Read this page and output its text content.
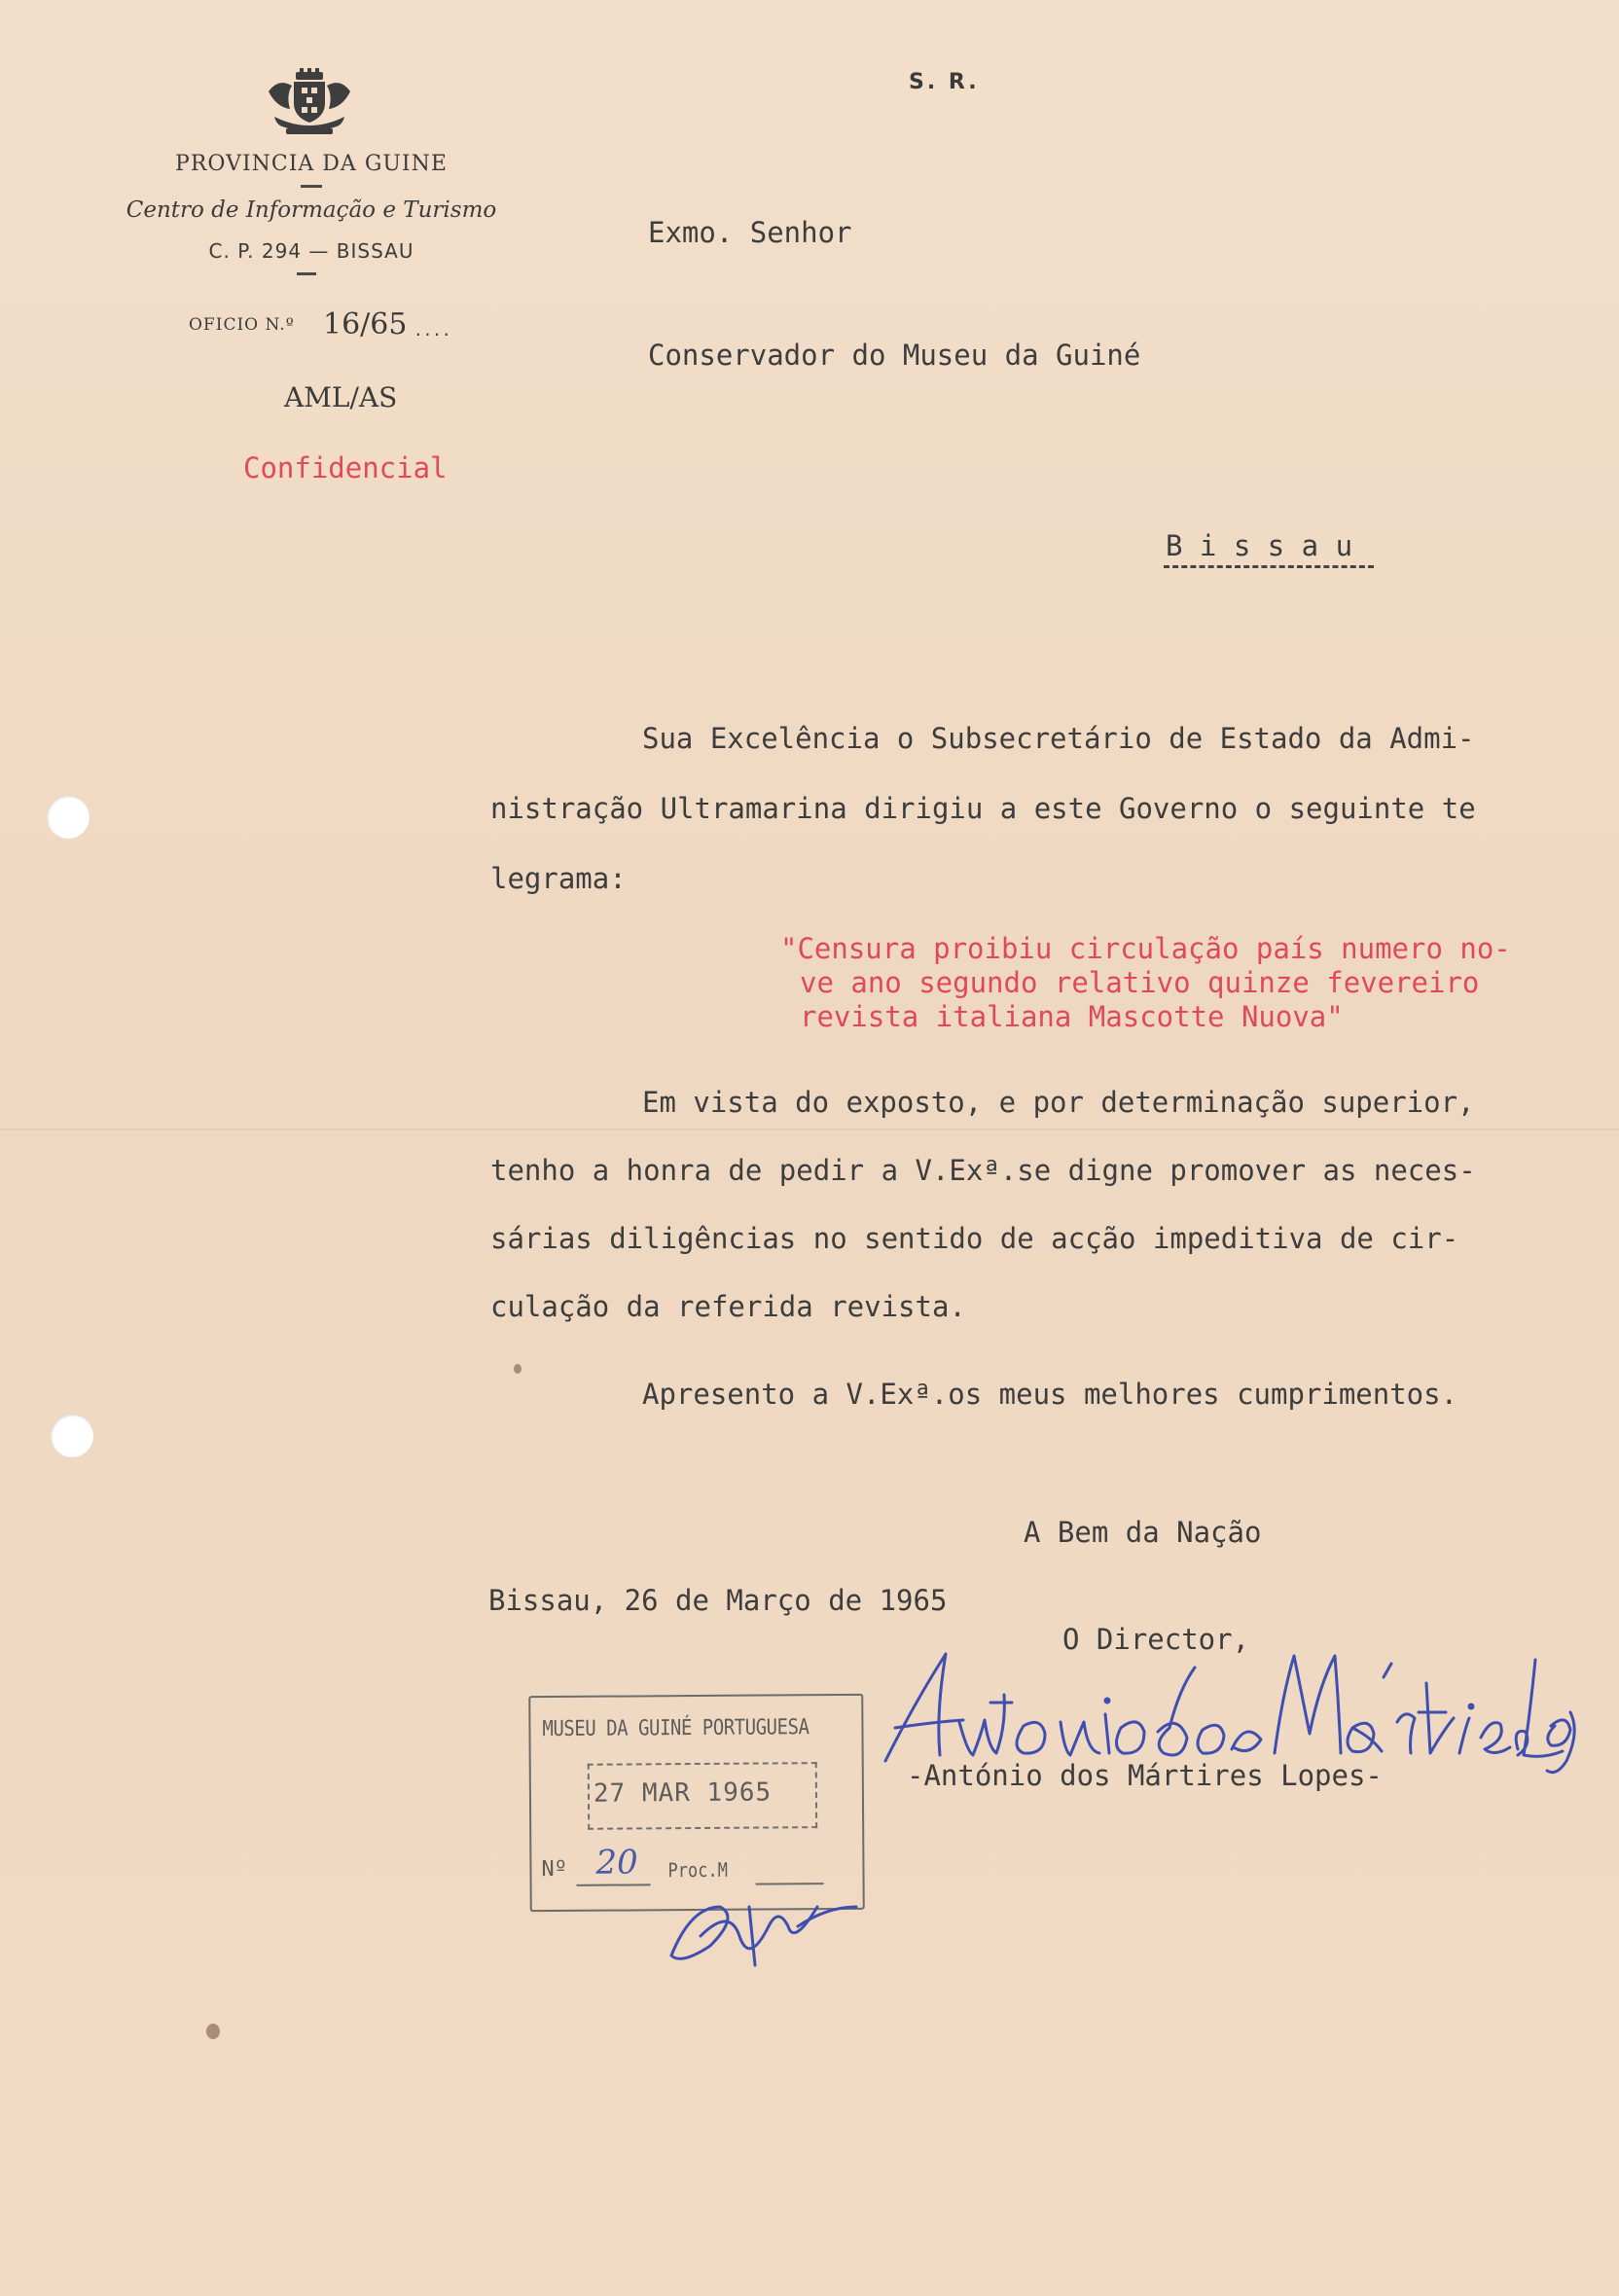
PROVINCIA DA GUINE
Centro de Informação e Turismo
C. P. 294 — BISSAU
OFICIO N.º 16/65 ....
AML/AS
Confidencial
S. R.
Exmo. Senhor
Conservador do Museu da Guiné
B i s s a u
Sua Excelência o Subsecretário de Estado da Admi-
nistração Ultramarina dirigiu a este Governo o seguinte te
legrama:
"Censura proibiu circulação país numero no-
ve ano segundo relativo quinze fevereiro
revista italiana Mascotte Nuova"
Em vista do exposto, e por determinação superior,
tenho a honra de pedir a V.Exª.se digne promover as neces-
sárias diligências no sentido de acção impeditiva de cir-
culação da referida revista.
Apresento a V.Exª.os meus melhores cumprimentos.
A Bem da Nação
Bissau, 26 de Março de 1965
O Director,
-António dos Mártires Lopes-
MUSEU DA GUINÉ PORTUGUESA
27 MAR 1965
Nº 20 Proc.M
